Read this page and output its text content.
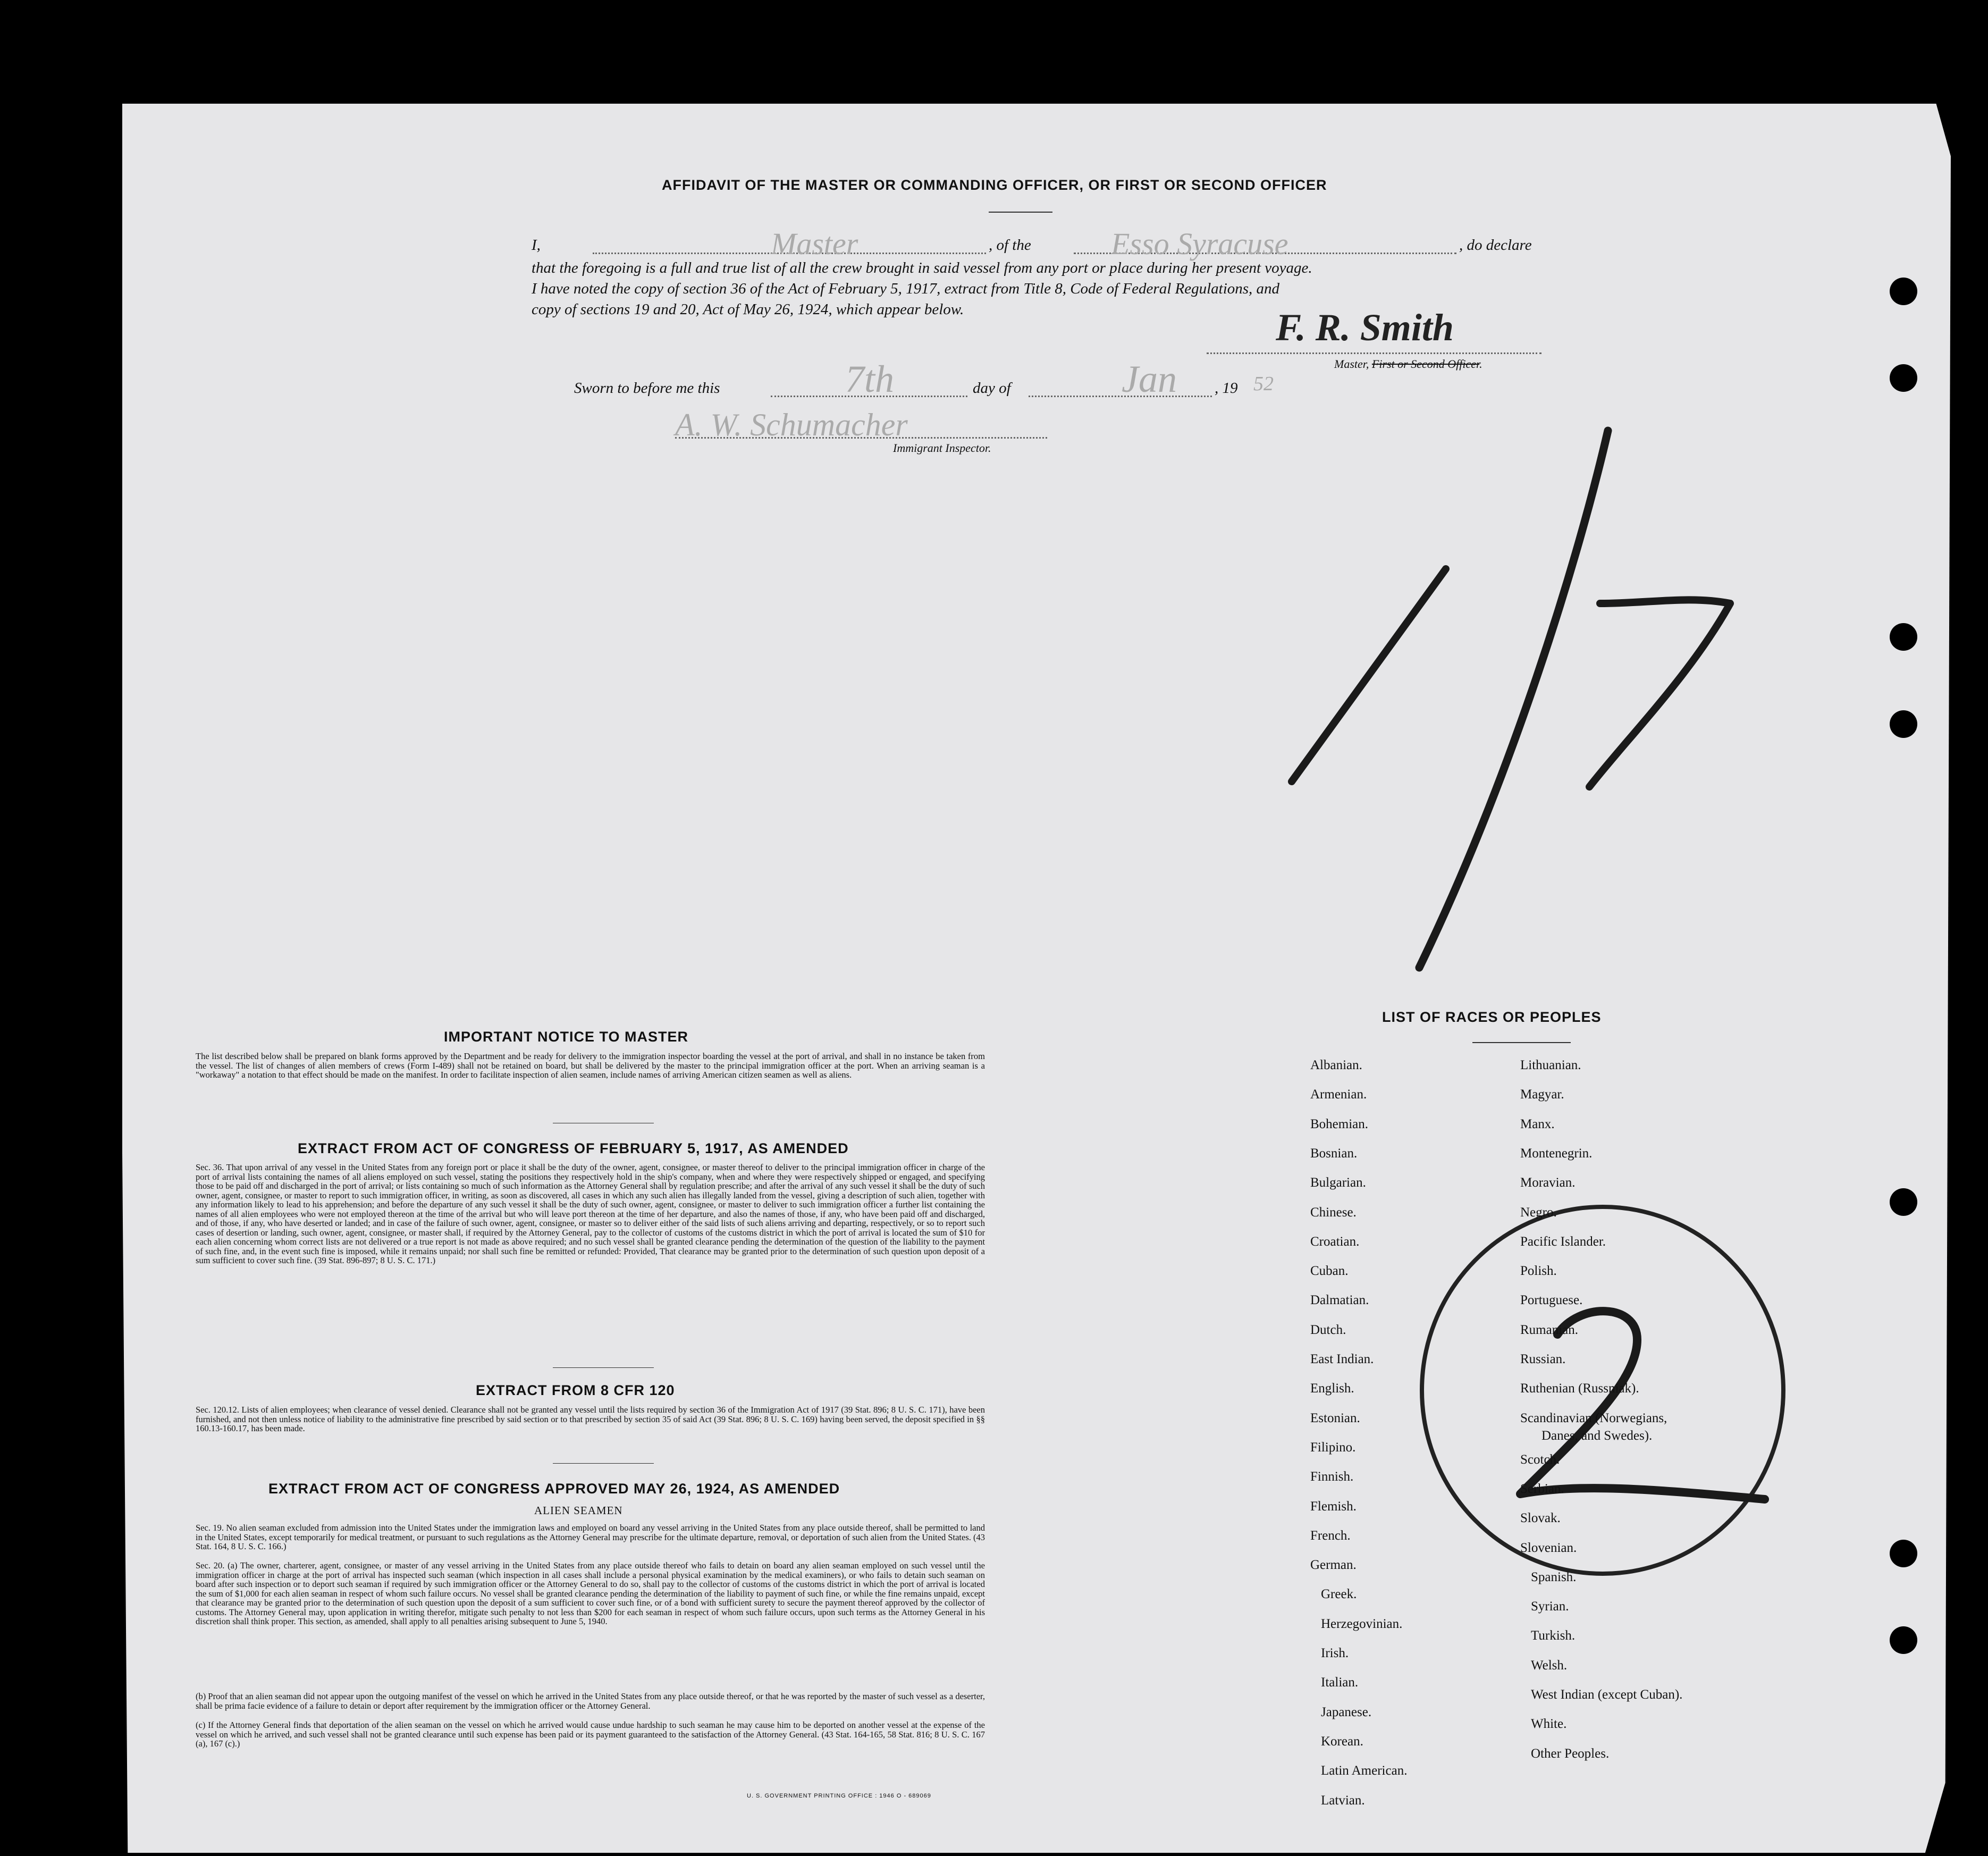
AFFIDAVIT OF THE MASTER OR COMMANDING OFFICER, OR FIRST OR SECOND OFFICER
I,	Master	, of the	Esso Syracuse	, do declare
that the foregoing is a full and true list of all the crew brought in said vessel from any port or place during her present voyage.
I have noted the copy of section 36 of the Act of February 5, 1917, extract from Title 8, Code of Federal Regulations, and
copy of sections 19 and 20, Act of May 26, 1924, which appear below.	F. R. Smith
Master, First or Second Officer.
Sworn to before me this	7th	day of	Jan , 19 52
A. W. Schumacher
Immigrant Inspector.
IMPORTANT NOTICE TO MASTER
The list described below shall be prepared on blank forms approved by the Department and be ready for delivery to the immigration inspector boarding the vessel at the port of arrival, and shall in no instance be taken from the vessel. The list of changes of alien members of crews (Form I-489) shall not be retained on board, but shall be delivered by the master to the principal immigration officer at the port. When an arriving seaman is a "workaway" a notation to that effect should be made on the manifest. In order to facilitate inspection of alien seamen, include names of arriving American citizen seamen as well as aliens.
EXTRACT FROM ACT OF CONGRESS OF FEBRUARY 5, 1917, AS AMENDED
Sec. 36. That upon arrival of any vessel in the United States from any foreign port or place it shall be the duty of the owner, agent, consignee, or master thereof to deliver to the principal immigration officer in charge of the port of arrival lists containing the names of all aliens employed on such vessel, stating the positions they respectively hold in the ship's company, when and where they were respectively shipped or engaged, and specifying those to be paid off and discharged in the port of arrival; or lists containing so much of such information as the Attorney General shall by regulation prescribe; and after the arrival of any such vessel it shall be the duty of such owner, agent, consignee, or master to report to such immigration officer, in writing, as soon as discovered, all cases in which any such alien has illegally landed from the vessel, giving a description of such alien, together with any information likely to lead to his apprehension; and before the departure of any such vessel it shall be the duty of such owner, agent, consignee, or master to deliver to such immigration officer a further list containing the names of all alien employees who were not employed thereon at the time of the arrival but who will leave port thereon at the time of her departure, and also the names of those, if any, who have been paid off and discharged, and of those, if any, who have deserted or landed; and in case of the failure of such owner, agent, consignee, or master so to deliver either of the said lists of such aliens arriving and departing, respectively, or so to report such cases of desertion or landing, such owner, agent, consignee, or master shall, if required by the Attorney General, pay to the collector of customs of the customs district in which the port of arrival is located the sum of $10 for each alien concerning whom correct lists are not delivered or a true report is not made as above required; and no such vessel shall be granted clearance pending the determination of the question of the liability to the payment of such fine, and, in the event such fine is imposed, while it remains unpaid; nor shall such fine be remitted or refunded: Provided, That clearance may be granted prior to the determination of such question upon deposit of a sum sufficient to cover such fine. (39 Stat. 896-897; 8 U. S. C. 171.)
EXTRACT FROM 8 CFR 120
Sec. 120.12. Lists of alien employees; when clearance of vessel denied. Clearance shall not be granted any vessel until the lists required by section 36 of the Immigration Act of 1917 (39 Stat. 896; 8 U. S. C. 171), have been furnished, and not then unless notice of liability to the administrative fine prescribed by said section or to that prescribed by section 35 of said Act (39 Stat. 896; 8 U. S. C. 169) having been served, the deposit specified in §§ 160.13-160.17, has been made.
EXTRACT FROM ACT OF CONGRESS APPROVED MAY 26, 1924, AS AMENDED
ALIEN SEAMEN
Sec. 19. No alien seaman excluded from admission into the United States under the immigration laws and employed on board any vessel arriving in the United States from any place outside thereof, shall be permitted to land in the United States, except temporarily for medical treatment, or pursuant to such regulations as the Attorney General may prescribe for the ultimate departure, removal, or deportation of such alien from the United States. (43 Stat. 164, 8 U. S. C. 166.)
Sec. 20. (a) The owner, charterer, agent, consignee, or master of any vessel arriving in the United States from any place outside thereof who fails to detain on board any alien seaman employed on such vessel until the immigration officer in charge at the port of arrival has inspected such seaman (which inspection in all cases shall include a personal physical examination by the medical examiners), or who fails to detain such seaman on board after such inspection or to deport such seaman if required by such immigration officer or the Attorney General to do so, shall pay to the collector of customs of the customs district in which the port of arrival is located the sum of $1,000 for each alien seaman in respect of whom such failure occurs. No vessel shall be granted clearance pending the determination of the liability to payment of such fine, or while the fine remains unpaid, except that clearance may be granted prior to the determination of such question upon the deposit of a sum sufficient to cover such fine, or of a bond with sufficient surety to secure the payment thereof approved by the collector of customs. The Attorney General may, upon application in writing therefor, mitigate such penalty to not less than $200 for each seaman in respect of whom such failure occurs, upon such terms as the Attorney General in his discretion shall think proper. This section, as amended, shall apply to all penalties arising subsequent to June 5, 1940.
(b) Proof that an alien seaman did not appear upon the outgoing manifest of the vessel on which he arrived in the United States from any place outside thereof, or that he was reported by the master of such vessel as a deserter, shall be prima facie evidence of a failure to detain or deport after requirement by the immigration officer or the Attorney General.
(c) If the Attorney General finds that deportation of the alien seaman on the vessel on which he arrived would cause undue hardship to such seaman he may cause him to be deported on another vessel at the expense of the vessel on which he arrived, and such vessel shall not be granted clearance until such expense has been paid or its payment guaranteed to the satisfaction of the Attorney General. (43 Stat. 164-165, 58 Stat. 816; 8 U. S. C. 167 (a), 167 (c).)
U. S. GOVERNMENT PRINTING OFFICE : 1946 O - 689069
LIST OF RACES OR PEOPLES
Albanian.
Armenian.
Bohemian.
Bosnian.
Bulgarian.
Chinese.
Croatian.
Cuban.
Dalmatian.
Dutch.
East Indian.
English.
Estonian.
Filipino.
Finnish.
Flemish.
French.
German.
Greek.
Herzegovinian.
Irish.
Italian.
Japanese.
Korean.
Latin American.
Latvian.
Lithuanian.
Magyar.
Manx.
Montenegrin.
Moravian.
Negro.
Pacific Islander.
Polish.
Portuguese.
Rumanian.
Russian.
Ruthenian (Russniak).
Scandinavian (Norwegians,
Danes, and Swedes).
Scotch.
Serbian.
Slovak.
Slovenian.
Spanish.
Syrian.
Turkish.
Welsh.
West Indian (except Cuban).
White.
Other Peoples.
